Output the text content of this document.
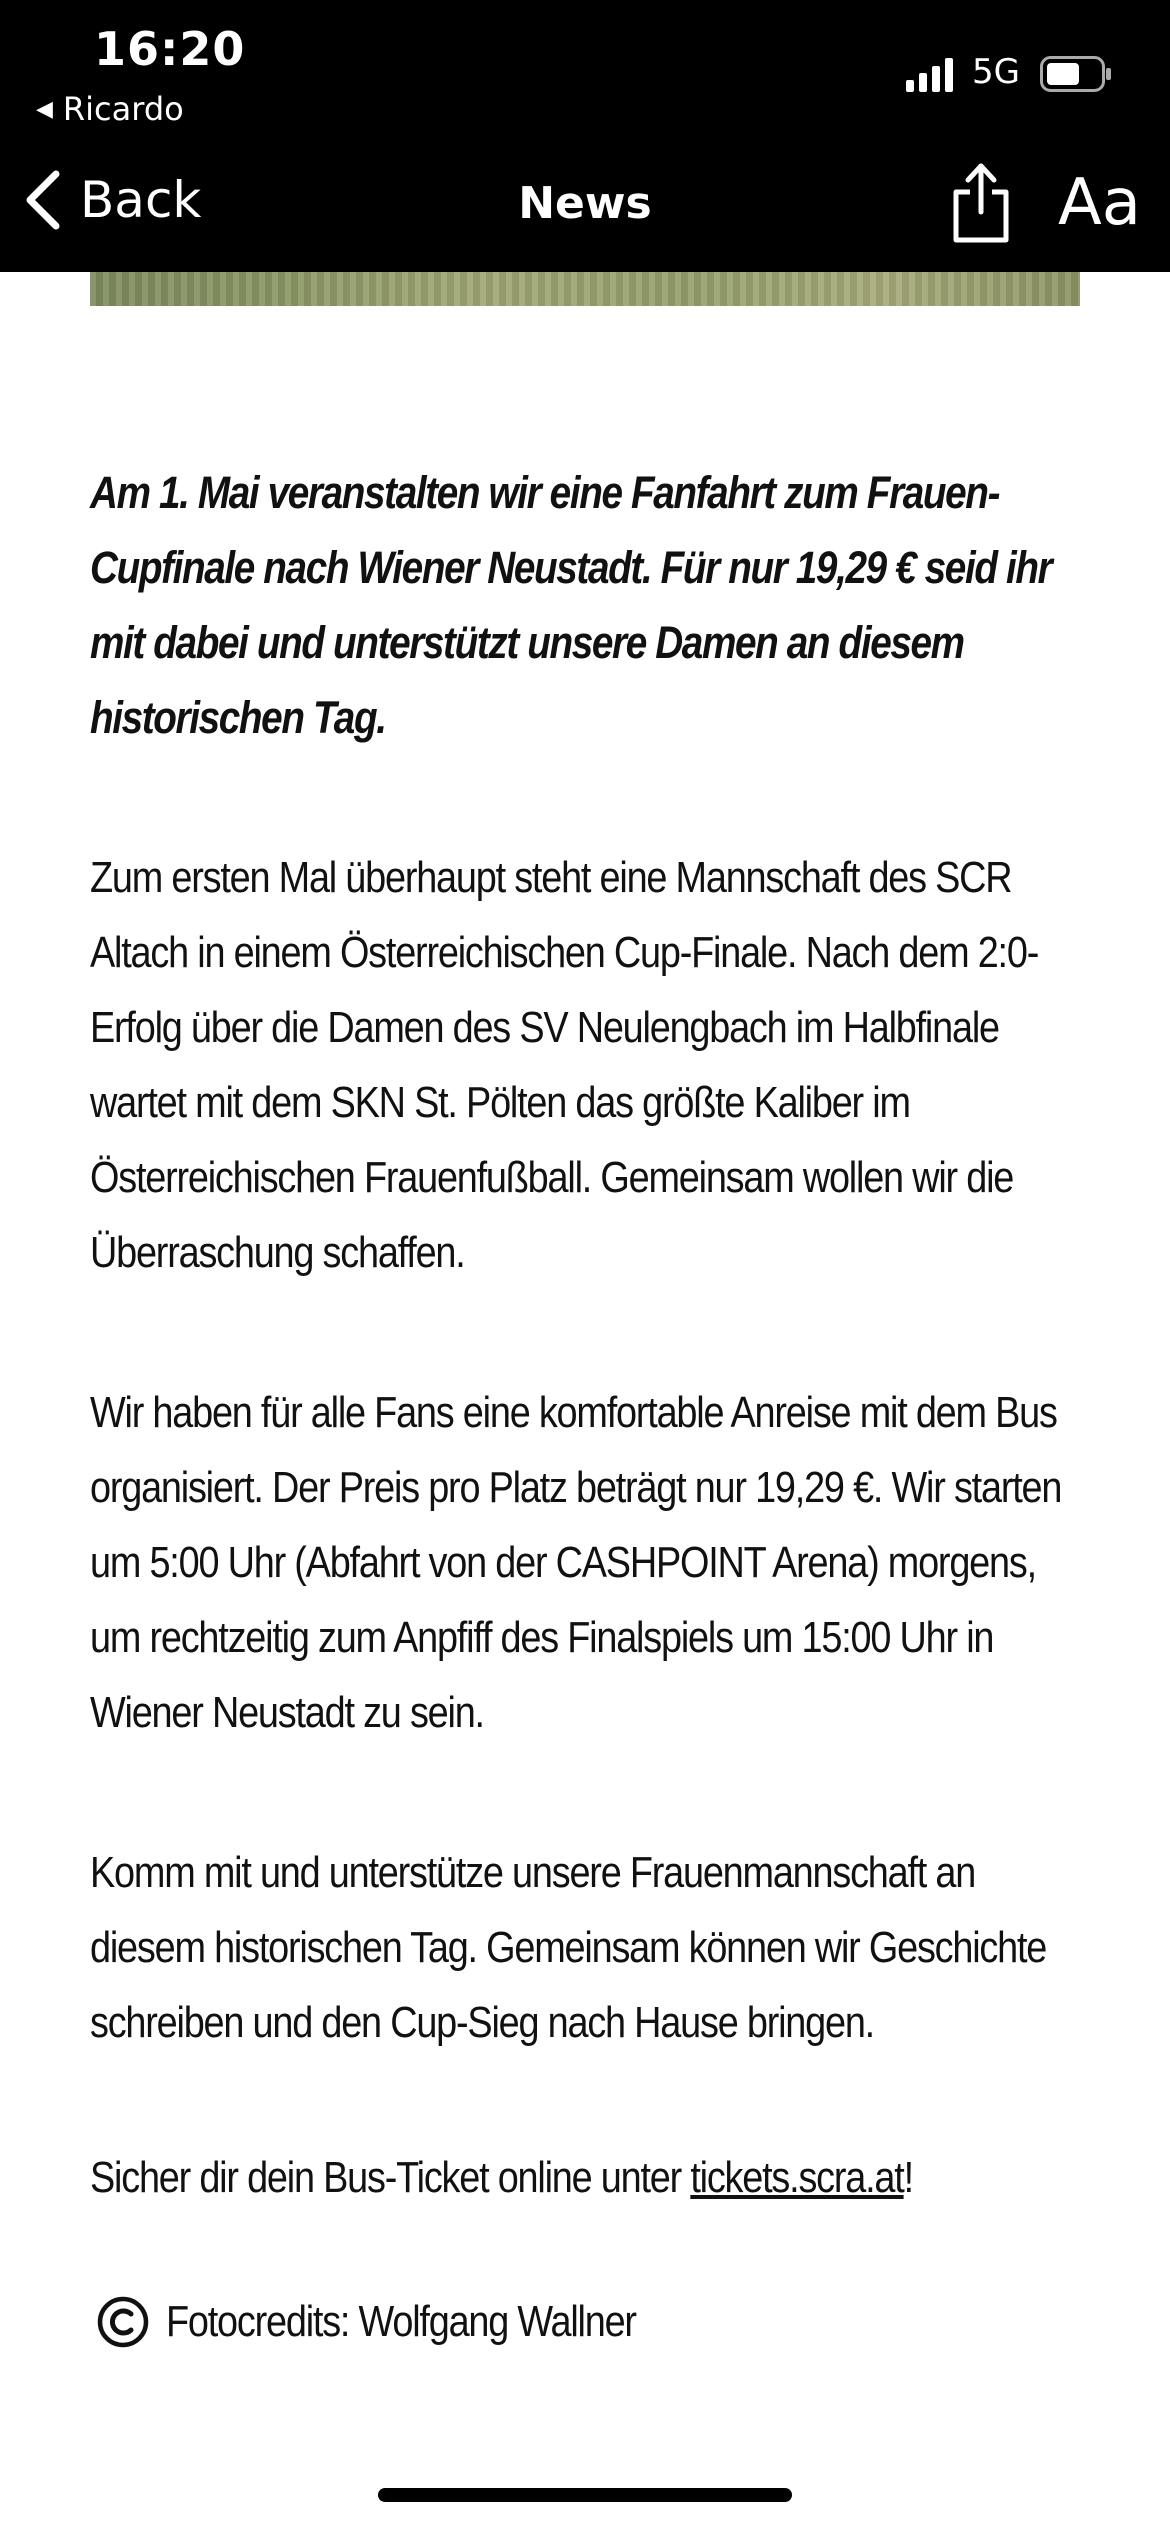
16:20
◀ Ricardo
5G
Back	News	Aa

Am 1. Mai veranstalten wir eine Fanfahrt zum Frauen-Cupfinale nach Wiener Neustadt. Für nur 19,29 € seid ihr mit dabei und unterstützt unsere Damen an diesem historischen Tag.

Zum ersten Mal überhaupt steht eine Mannschaft des SCR Altach in einem Österreichischen Cup-Finale. Nach dem 2:0-Erfolg über die Damen des SV Neulengbach im Halbfinale wartet mit dem SKN St. Pölten das größte Kaliber im Österreichischen Frauenfußball. Gemeinsam wollen wir die Überraschung schaffen.

Wir haben für alle Fans eine komfortable Anreise mit dem Bus organisiert. Der Preis pro Platz beträgt nur 19,29 €. Wir starten um 5:00 Uhr (Abfahrt von der CASHPOINT Arena) morgens, um rechtzeitig zum Anpfiff des Finalspiels um 15:00 Uhr in Wiener Neustadt zu sein.

Komm mit und unterstütze unsere Frauenmannschaft an diesem historischen Tag. Gemeinsam können wir Geschichte schreiben und den Cup-Sieg nach Hause bringen.

Sicher dir dein Bus-Ticket online unter tickets.scra.at!

Fotocredits: Wolfgang Wallner
